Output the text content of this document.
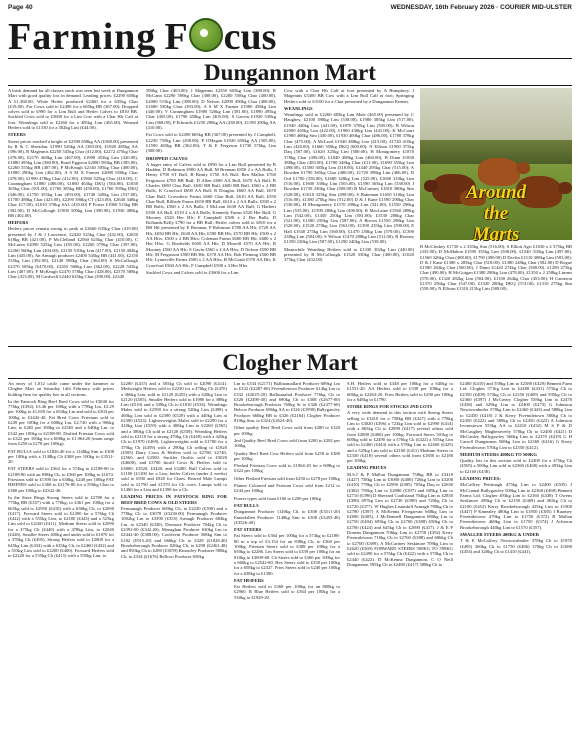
Page 40	WEDNESDAY, 16th February 2026 · COURIER MID-ULSTER
Farming F cus
Dungannon Mart

A brisk demand for all classes stock was seen last week at Dungannon Mart with good quality lots in demand. Leading prices: £2290 658kg A £1,368.00; White Heifer produced £2460 for a 635kg Char (£19.00). For Cows sold to £2490 for a 665kg BB (367.00); Dropped calves sold to £990 for a Lim Bull and Heifer Calves to £810 BB. Suckled Cows sold to £3600 for a Lim Cow with a Char Hfr Calf at foot. Weanlings sold to £2260 for a 485kg Lim (465.00). Weaned Heifers sold to £1330 for a 302kg Lim (£44.00).

STEERS

Steers prices reached a height of £2390 658kg AA (£368.00) presented by R & C Sheridan, £1990 526kg AA (383.00), £1928 485kg AA (396.00), R Magennis £2250 545kg Char (412.00), £2272 475kg Char (478.00), £2170 468kg Lim (467.00), £1900 453kg Lim (420.00), £1880 495kg Lim (380.00), Bond Eggison £2080 583kg BB (385.00), £2260 555kg BB (407.00), P McKeagh £2140 505kg Char (400.00), £1980 290kg Lim (462.00); A S M X Farmer £2080 650kg Char (478.00), £1990 478kg Char (412.00), £1960 525kg Char (410.00), C Cunningham £1880 (486.00), £1860 463kg DKQ (504.00), £1830 365kg Char (501.00), £1760 385kg BB (450.00), £1760 395kg DKQ (446.00), £1750 355kg Lim (493.00), £1740 320kg Lim (537.00), £1700 488kg Char (423.00), £2290 390kg CT (423.00), £2640 348kg Char £17.00), £1610 370kg SAL (435.00) P Foster £1960 513kg BB (382.00), D McCollough £1900 500kg Lim (390.00), £1930 480kg BB (402.00).

HEIFERS

Heifers prices remain strong to peak at £2660 635kg Char (419.00) presented by J & J Lawrence, £2420 525kg Char (432.00), £2630 618kg BB (421.00), P McClelland £2560 625kg Char (410.00), C McLaren £2090 525kg Lim (£55.00), £2260 579kg Char (397.00), £2260 560kg Lim (404.00), £2150 510kg Lim (417.00), £2150 484kg Lim (445.00), An Armagh producer £2400 545kg BB (441.00), £2150 535kg Lim (392.00), £2140 588kg Char (364.00) S McCullough £2370 505kg (£470.00), £2265 560kg Lim (362.00), £2228 545kg Lim (407.00); F McKeagh £2470 578kg Char (428.00), £2370 588kg Char (413.00), M Cardwell £2440 625kg Char (390.00), £2340

580kg Char (403.00); J Magennis £2350 605kg Lim (388.00); R McCann £2290 590kg Char (388.00), £2200 558kg Char (400.00), £2000 515kg Lim (388.00); D Nelson £2090 490kg Char (408.00), £1680 530kg Char (393.00); A S M X Farmer £1980 458kg Lim (440.00); V Cunningham £1980 520kg Lim (381.00), £1890 495kg Char (405.00), £1790 458kg Lim (405.00); S Garvin £1920 530kg Lim (368.00); P Edwards £1250 290kg AA (438.00), £1190 290kg AA (410.00).

Fat Cows sold to £2490 665kg BB (367.00) presented by J Campbell, £2230 759kg Lim (298.00); P O'Hagan £1920 658kg AA (305.00), £1590 465kg BB (362.00); T & E Fergeson £1730 576kg Lim (308.00).

DROPPED CALVES

A larger entry of Calves sold to £990 for a Lim Bull presented by R Hadden, D Robinson £900 AA Bull, M Brennan £850 2 x AA Bulls, I Henry £790 ST Bull, B Beatty £750 AA Bull, Ben Mallon £760 Fergusson £700 BB Bull; D Allen £690 AA Bull, £670 AA Bull; R Charles £690 Char Bull, £630 BB Bull, £600 BB Bull, £560 x 2 BB Bulls, K Crawford £690 AA Bull, R Douglas £660 AA Bull, £670 Char Bull; Crossdrew Farms £660 Char Bull, £610 AA Bull, £550 Char Bull; Rillside Farms £650 BB Bull, £610 x 2 AA Bulls, £580 x 2 BB Bulls, £560 x 2 AA Bulls; J McLean £630 AA Bull; G Harbert £500 AA Bull, £510 2 x AA Bulls; Kennedy Farms £520 Her Bull; G Mooney £520 Her Hfr; F Campbell £500 x 2 Her Bulls, D Rollands/Kelly £790 for a BB Bull; Heifer calves sold to £810 for a BB Hfr presented by E Brennan, P Robinson £780 AA Hfr, £720 AA Hfr, £650 BB Hfr, £620 AA Hfr, £590 BB Hfr, £570 BB Hfr, £500 x 2 AA Hfrs, £500 x 2 BB Hfrs; Coleman Farms £600 BB Hfr, £680 x 2 Her Hfrs, G Bonfields £600 AA Hfr; D Mcneill £570 AA Hfr; B Mooney £560 AA Hfr; S Gavin £560 x 2 AA Hfrs; D Nelson £590 BB Hfr; M Fergusson £580 BB Hfr, £570 AA Hfr; Bob Fleming £560 BB Hfr; Lynneville Farms £580 x 2 AA Hfrs; B McGrath £570 AA Hfr; K Crawford £560 AA Hfr; F Campbell £500 x 3 Her Hfrs.

Suckled Cows and Calves sold to £3600 for a Lim

Cow with a Char Hfr Calf at foot presented by A Humphrey, J Magennis £3300 BB Cow with a Lim Bull Calf at foot; Springing Heifers sold to £3100 for a Char presented by a Dungannon Farmer.

WEANLINGS

Weanlings sold to £2260 485kg Lim Male (465.00) presented by C Haughey, £2100 390kg Lim (538.00), £1980 385kg Lim (517.00), £1940 440kg Lim (441.00), £1870 370kg Lim (505.00); R Wilson £2000 465kg Lim (422.00), £1900 430kg Lim (441.00); K McCourt £1980 468kg Sim (430.00), £1930 400kg Char (486.00), £1780 378kg Char (475.00); A McLeod £1940 468kg Lim (415.00), £1720 410kg Lim (420.00), £1660 350kg DKQ (600.00); N Ellison £1900 375kg Daq (507.00), £1620 325kg Lim (500.00); H Montgomery £1870 378kg Char (496.00), £1840 408kg Lim (460.00); B Dunn £1830 388kg Char (483.00), £1780 348kg Char (£11.00), £1690 355kg Lim (498.00), £1580 305kg Lim (518.00), £1440 295kg Char (515.00); A Bowden £1790 365kg Char (486.00), £1720 398kg Lim (466.00), D Ord £1700 (358.00), £1680 328kg Lim (525.00), £1600 310kg Lim (516.00), £1600 330kg Lim (503.00), £1590 365kg Lim (538.00) J Bowden £1730 330kg Char (508.00) B McCartney £1810 380kg Sim (528.00), £1610 325kg Sim (490.00); S Batteman £1650 310kg Lim (516.00), £1380 270kg Sim (512.00) D & J Kane £1590 290kg Char (530.00), H Montgomery £1570 290kg Lim (541.00), £1550 290kg Lim (535.00), £1390 280kg Lim (496.00); R MacLaine £1560 288kg Lim (542.00), £1450 250kg Lim (581.00); £1530 280kg Char (521.00), £1500 250kg Lim (587.00); A Brown £1550 298kg Lim (520.00), £1520 270kg Lim (563.00), £1390 235kg Lim (590.00) E Hall £1540 275kg Lim (560.00), £1470 250kg Lim (570.00), £1390 238kg Lim (584.00); S Wilson £1470 288kg Lim (511.00); R Rooney £1350 230kg Lim (587.00), £1290 240kg Lim (538.00).

Meanwhile Weanling Heifers sold to £1330 302kg Lim (440.00) presented by B McCollough, £1320 330kg Char (400.00), £1020 375kg Char (432.00)

B McCloskey £1730 x 2 335kg Sim (516.00); S Elliott Agri £1630 x 2 375kg BB (435.00); D McMahon £1590 355kg Lim (508.00), £1540 310kg Lim (497.00), £1560 326kg Char (488.00), £1790 (490.00) D Devlin £1510 308kg Lim (503.00); D & J Kane £1380 x 285kg Char (518.00), £1380 248kg Char (582.00) D Rogue £1580 282kg Char (560.00), J Dunn £1420 274kg Char (580.00), £1290 275kg Char (490.00); H McGuigan £1380 290kg Lim (478.00), £1350 x 2 258kg Limms (570.00), £1320 282kg Lim (504.00), £1100 264kg Char (453.00); H Cameron £1370 256kg Char (547.00), £1320 280kg DKQ (574.00), £1310 275kg Sim (558.00); N Ellison £1310 215kg Lim (588.00).

Around
the
Marts
Clogher Mart

An entry of 1,012 cattle came under the hammer at Clogher Mart on Saturday 14th February with prices holding firm for quality lots in all sections.

In the Fatstock Ring Beef Bred Cows sold to £3040 for 776kg (£392), £3.46 per 100kg with a 778kg Lm, £3.29 per 100kg to £1,650 for a 654kg Lm and sold to £304 per 100kg to £2442-40, Fat Bred Cows Friesians sold to £249 per 100kg for a 600kg Lm, £2,740 with a 966kg Lim, to £265 per 100kg to £2565 and a 640kg Lm, to £342 per 100kg to £2188-80. Drafted Friesian Cows sold to £322 per 100kg for a 608kg to £1,964.20 (main range from £250 to £278 per 100kg).

FAT BULLS sold to £1826.40 for a 1148kg Sim to £308 per 100kg with a 1148kg Ch £308 per 100kg to £3511-20.

FAT STEERS sold to £364 for a 574kg to £2188-80 to £2188-80 with an 838kg Ch, to £360 per 100kg to £1674. Friesians sold to £1390 for a 638kg, £240 per 100kg FAT HEIFERS sold to £368 to £2176-80 for a 556kg Char to £380 per 100kg to £2342-40.

In the Store Rings Strong Steers sold to £2780 for a 770kg BB (£357) with a 770kg, to £361 per 100kg for a 665kg sold to £2950 (£410) with a 658kg Ch, to £2690 (£417). Forward Steers sold to £2490 for a 576kg Ch (£422) with a 555kg Lim, to £2180 (£443) and a 525kg Lim sold to £2160 (£411). Medium Steers sold to £2090 for a 475kg Ch (£440) with a 478kg Lim, to £2040 (£426). Smaller Steers 400kg and under sold to £1870 for a 378kg Ch (£495). Strong Heifers sold to £2800 for a 645kg Lim (£434) with a 635kg Ch, to £2460 (£432) and a 553kg Lim sold to £2200 (£400). Forward Heifers sold to £2220 for a 535kg Ch (£415) with a 550kg Lim, to

£2200 (£415) and a 505kg Ch sold to £2090 (£414). Medweight Heifers sold to £2230 for a 476kg Ch (£470) a 466kg Lim, sold to £2120 (£455) with a 420kg Lim to £2120 (£505). Smaller Heifers sold to £1980 for a 388kg Lim (£510) and a 339kg Ch to £1810 (£534). Weanlings Males sold to £2590 for a strong 520kg Lim (£498) a 460kg Lim sold to £2390 (£520) with a 440kg Lim at £2300 (£523). Lighterweights Males sold to £2290 for a 410kg Lim (£559) with a 400kg Lim to £2260 (£565) and a 380kg Ch sold to £2120 (£558). Weanling Heifers sold to £2110 for a strong 470kg Ch (£449) with a 420kg Ch to £1970 (£469). Lighterweights sold to £1700 for a 370kg Ch (£459) with a 290kg Ch selling to £1820 (£585) Dairy Cows & Heifers sold to £2780, £2740, £2560, and £2500. Suckler Outfits sold to £3020 (£4600), and £3700 Incalf Cows & Heifers sold to £3800, £3520, £3420, and £3280. Bull Calves sold to £1100 (£1100 for a Lim, heifer Calves (under 4 weeks) sold to £930 and £920 for Chars. Reared Male Lumps sold to £1790 and £1570 for Ch cows. Lumps sold to £1460 for a Lim and £1390 for a Ch.

LEADING PRICES IN FATSTOCK RING FOR BEEF BRED COWS & OLD STEERS

Fermanagh Producer 669kg Ch, to £2230 (£390) and a 778kg Ch to £3078 (£3230.00) Fermanagh Producer 1002kg Lm to £3390 (£355) Armagh Producer 684kg Lm, to £2340 (£330), Dromore Producer 704kg Ch to £2392-00 (£342.40); Monaghan Producer 630kg Lm to £2442-40 (£388.00); Coolesvin Producer 568kg Sim to £182 (£915.20) and 666kg Ch to £328 (£1828.40) Brookeborough Producer 826kg Ch, to £298 (£2461.48) and 850kg Ch to £280 (£1859) Kinawley Producer 588kg Ch, to £334 (£1676) Bellcoo Producer 650kg

Lm to £334 (£2171) Ballinamallard Producer 689kg Lm to £332 (£2287-60) Fivemiletown Producer 614kg Lm to £332 (£2025-20) Ballinasalad Producer 776kg Ch to £326 (£2490-40) and 690kg Ch to £308 (£2677-00) Brookeborough Producer 760kg St to £326 (£2477-60) Belcoo Producer 696kg AA to £326 (£1990) Ballygawley Producer 660kg BB to £326 (£2164) Clogher Producer 810kg Sim, to £324 (£2624-40).

Other quality Beef Bred Cows sold from £280 to £320 per 100kg

2nd Quality Beef Bred Cows sold from £200 to £282 per 100kg

Quality Beef Bred Cow Heifers sold from £250 to £380 per 100kg

Fleshed Friesian Cows sold to £1964-20 for a 608kg to £322 per 100kg

Other Fleshed Friesian sold from £250 to £278 per 100kg

Plainer Coloured and Friesian Cows sold from £212 to £244 per 100kg

Poorer types sold from £160 to £200 per 100kg

FAT BULLS

Dungannon Producer 1140kg Ch, to £308 (£3511-20) Enniskillen Producer 1148kg Sim to £308 (£3455-40) (£3526-40)

FAT STEERS

Fat Steers sold to £364 per 100kg for a 574kg to £2188-80 to a top of £3,154 for an 838kg Ch, to £360 per 100kg. Friesian Steers sold to £388 per 100kg for a 650kg to £2286. Lm Steers sold to £339 per 100kg for an 810kg to £3009-60. Ch Steers sold to £366 per 100kg for a 660kg to £2542-80. Hex Steers sold to £358 per 100kg for a 658kg to £2327. Fries Steers sold to £240 per 100kg for a 638kg to £1390.

FAT HEIFERS

Fat Heifers sold to £368 per 100kg for an 808kg to £2960. R Blue Heifers sold to £364 per 100kg for a 530kg to £1929-20.

S.H. Heifers sold to £348 per 100kg for a 640kg to £1531-20. AA Heifers sold to £338 per 100kg for a 606kg to £2263-20. Fries Heifers sold to £290 per 100kg for a 648kg to £1790.

STORE RINGS FOR STOCKS 2ND LOTS

A very wide demand in this section with Strong Steers selling to £3410 for a 758kg BB (£427) with a 778kg Lim to £3020 (£396) a 723kg Lim sold to £2990 (£414) with a 665kg Ch to £2890 (£417) several others sold from £2800 (£406) per 100kg. Forward Steers 501kg to 600kg sold to £2490 for a 576kg Ch (£422) a 555kg Lim sold to £2460 (£443) with a 578kg Lim to £2460 (£425) and a 525kg Lim sold to £2160 (£411) Medium Steers to £2330 (£418) several others sold from £1850 to £2180 per 100kg.

LEADING PRICES

M.S.J & P Mallon Dungannon 758kg BB to £3410 (£427) 738kg Lim to £3000 (£406) 726kg Lim to £3200 (£410) 778kg Ch to £2990 (£385) 705kg Daq to £2630 (£382) 795kg Lim to £2880 (£397) and 685kg Lim to £2710 (£396) D Sherrard Coalisland 704kg Lim to £2830 (£396) 697kg Lim to £2730 (£390) and 720kg Ch to £2720 (£377). W Hughes Lisnaskill Armagh 780kg Ch to £2780 (£397) A McKenna Fivegarvan 668kg Lim to £2690 (£403). J McDonnell Dungannon 680kg Lm to £2750 (£404) 695kg Ch to £2700 (£388) 650kg Ch to £2700 (£424) and 645kg Ch to £2690 (£417). J & E P Dornan Dungannon 706kg Lim to £2750 (£392) Kerry Fivemiletown 710kg Ch to £2760 (£388) and 686kg Ch to £2700 (£389). A McCartney Seskinore 709kg Lim to £2620 (£369) FORWARD STEERS 500KG TO 599KG sold to £2490 for a 576kg Ch (£422) with a 578kg Ch to £2440 (£422). D McKenna Dungannon, C O Neill Dungannon 595kg Ch to £2480 (£417) 588kg Ch to

£2400 (£410) and 558kg Lim to £2380 (£429) Bennett Farm Ltd. Clogher 571kg Lim to £2480 (£431) 575kg Ch to £2350 (£409) 573kg Ch to £2350 (£409) and 595kg Ch to £2360 (£397) J McCreary Clogher 558kg Lim to £2470 (£438) and 529kg Lim to £2400 (£473) G Johnston Newtownbutler 578kg Lim to £2460 (£443) and 588kg Lim to £2450 (£418) J & Kerry Fivemiletown 580kg Ch to £2450 (£422) and 588kg Ch to £2450 (£422) A Johnston Irvinestown 555kg AA to £2410 (£432) M S P & D McCaughey Magheraveely 570kg Ch to £2400 (£421) D McCauley Ballygawley 560kg Lim to £2370 (£419) G H Carroll Dungannon 568kg Lim to £2360 (£416) G Kerry Fivemiletown 570kg Lim to £2350 (£412).

MEDIUM STEERS 400KG TO 500KG

Quality lots in this section sold to £2400 for a 475kg Ch (£505) a 500kg Lim sold to £2360 (£468) with a 493kg Lim to £2160 (£438).

LEADING PRICES:

McCaffrey Pettimagh 475kg Lim to £2400 (£505) J McConnal Ballygawley 500kg Lim to £2360 (£468) Bennett Farms Ltd. Clogher 493kg Lim to £2160 (£438) T Owens Seskinore 458kg Ch to £2150 (£469) and 465kg Ch to £2100 (£452) Kerry Brookeborough 425kg Lim to £1900 (£447) P Knnealey 480kg Lim to £1850 (£385) I Ruamey Fivemiletown 470kg Lim to £1750 (£372) R Mullan Fivemiletown 468kg Lim to £1750 (£374) J Acheson Brookeborough 440kg Lim to £1570 (£357).

SMALLER STEERS 400KG & UNDER

T & E McCaffrey Newtownbutler 378kg Ch to £1870 (£495) 360kg Ch to £1750 (£486) 370kg Ch to £1680 (£454) and 320kg Ch to £1410 (£441).
